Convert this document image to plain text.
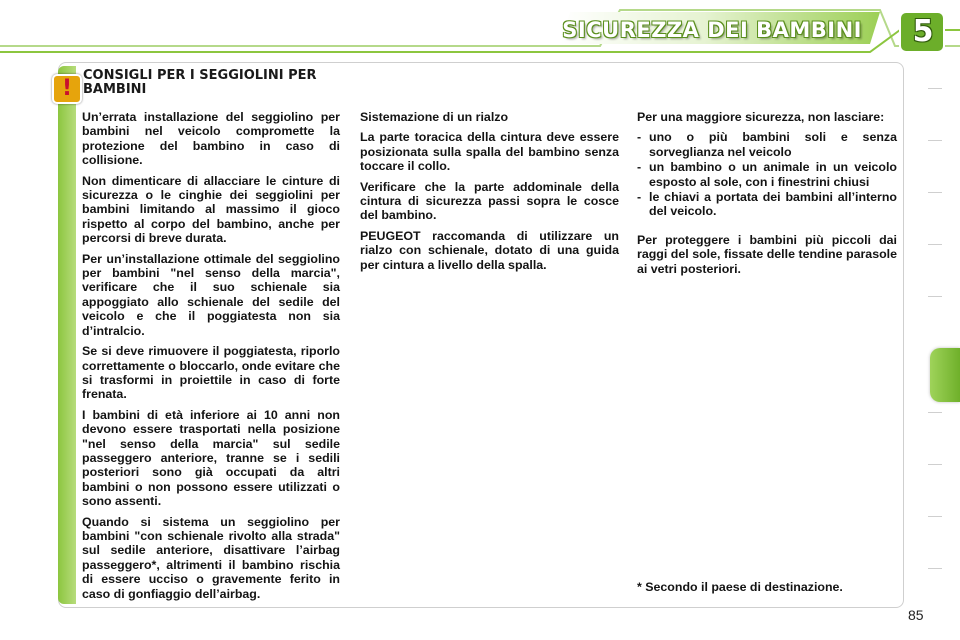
SICUREZZA DEI BAMBINI 5
!
CONSIGLI PER I SEGGIOLINI PER BAMBINI

Un’errata installazione del seggiolino per bambini nel veicolo compromette la protezione del bambino in caso di collisione.

Non dimenticare di allacciare le cinture di sicurezza o le cinghie dei seggiolini per bambini limitando al massimo il gioco rispetto al corpo del bambino, anche per percorsi di breve durata.

Per un’installazione ottimale del seggiolino per bambini "nel senso della marcia", verificare che il suo schienale sia appoggiato allo schienale del sedile del veicolo e che il poggiatesta non sia d’intralcio.

Se si deve rimuovere il poggiatesta, riporlo correttamente o bloccarlo, onde evitare che si trasformi in proiettile in caso di forte frenata.

I bambini di età inferiore ai 10 anni non devono essere trasportati nella posizione "nel senso della marcia" sul sedile passeggero anteriore, tranne se i sedili posteriori sono già occupati da altri bambini o non possono essere utilizzati o sono assenti.

Quando si sistema un seggiolino per bambini "con schienale rivolto alla strada" sul sedile anteriore, disattivare l’airbag passeggero*, altrimenti il bambino rischia di essere ucciso o gravemente ferito in caso di gonfiaggio dell’airbag.

Sistemazione di un rialzo

La parte toracica della cintura deve essere posizionata sulla spalla del bambino senza toccare il collo.

Verificare che la parte addominale della cintura di sicurezza passi sopra le cosce del bambino.

PEUGEOT raccomanda di utilizzare un rialzo con schienale, dotato di una guida per cintura a livello della spalla.

Per una maggiore sicurezza, non lasciare:

- uno o più bambini soli e senza sorveglianza nel veicolo
- un bambino o un animale in un veicolo esposto al sole, con i finestrini chiusi
- le chiavi a portata dei bambini all’interno del veicolo.

Per proteggere i bambini più piccoli dai raggi del sole, fissate delle tendine parasole ai vetri posteriori.

* Secondo il paese di destinazione.
85
